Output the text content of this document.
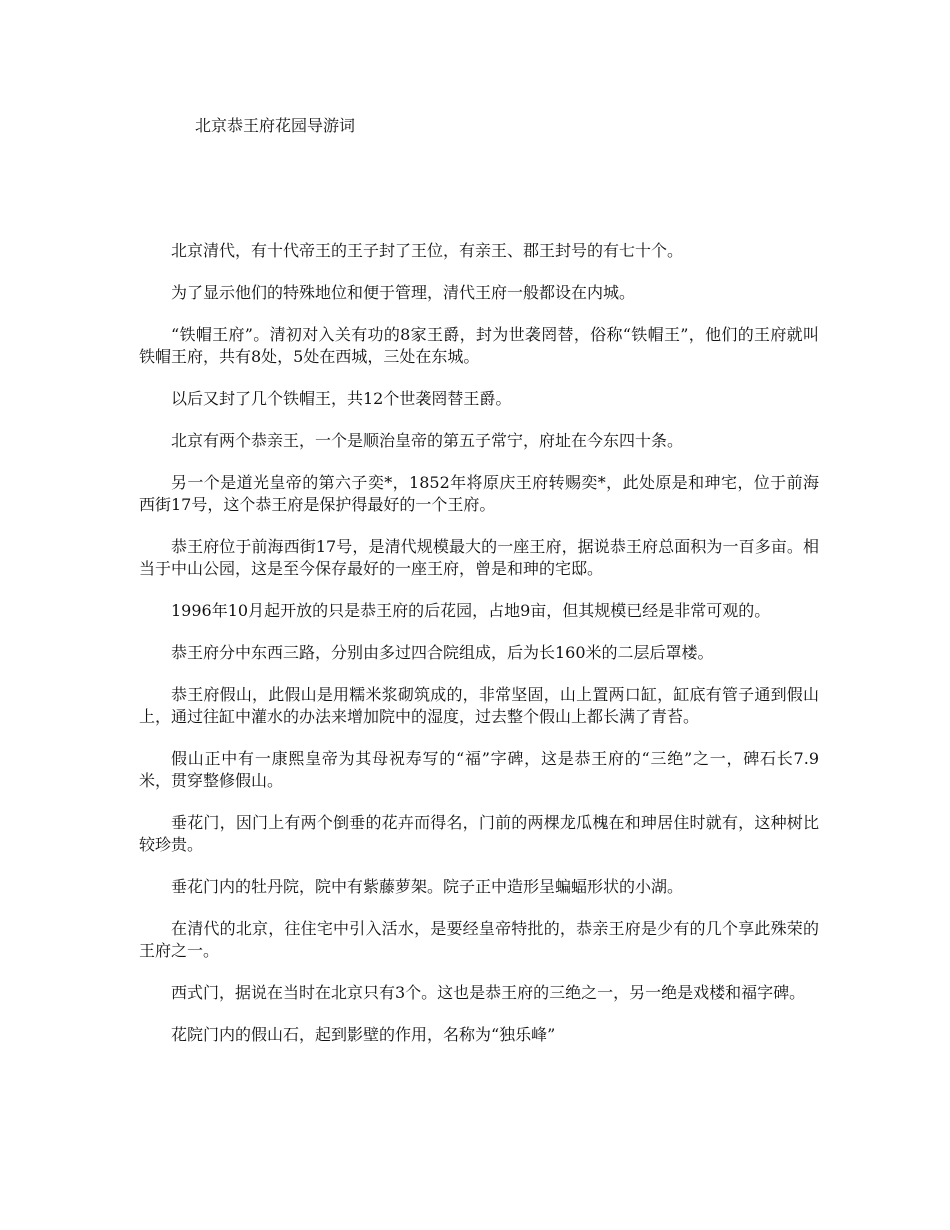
北京恭王府花园导游词

北京清代，有十代帝王的王子封了王位，有亲王、郡王封号的有七十个。

为了显示他们的特殊地位和便于管理，清代王府一般都设在内城。

“铁帽王府”。清初对入关有功的8家王爵，封为世袭罔替，俗称“铁帽王”，他们的王府就叫铁帽王府，共有8处，5处在西城，三处在东城。

以后又封了几个铁帽王，共12个世袭罔替王爵。

北京有两个恭亲王，一个是顺治皇帝的第五子常宁，府址在今东四十条。

另一个是道光皇帝的第六子奕*，1852年将原庆王府转赐奕*，此处原是和珅宅，位于前海西街17号，这个恭王府是保护得最好的一个王府。

恭王府位于前海西街17号，是清代规模最大的一座王府，据说恭王府总面积为一百多亩。相当于中山公园，这是至今保存最好的一座王府，曾是和珅的宅邸。

1996年10月起开放的只是恭王府的后花园，占地9亩，但其规模已经是非常可观的。

恭王府分中东西三路，分别由多过四合院组成，后为长160米的二层后罩楼。

恭王府假山，此假山是用糯米浆砌筑成的，非常坚固，山上置两口缸，缸底有管子通到假山上，通过往缸中灌水的办法来增加院中的湿度，过去整个假山上都长满了青苔。

假山正中有一康熙皇帝为其母祝寿写的“福”字碑，这是恭王府的“三绝”之一，碑石长7.9米，贯穿整修假山。

垂花门，因门上有两个倒垂的花卉而得名，门前的两棵龙瓜槐在和珅居住时就有，这种树比较珍贵。

垂花门内的牡丹院，院中有紫藤萝架。院子正中造形呈蝙蝠形状的小湖。

在清代的北京，往住宅中引入活水，是要经皇帝特批的，恭亲王府是少有的几个享此殊荣的王府之一。

西式门，据说在当时在北京只有3个。这也是恭王府的三绝之一，另一绝是戏楼和福字碑。

花院门内的假山石，起到影壁的作用，名称为“独乐峰”
